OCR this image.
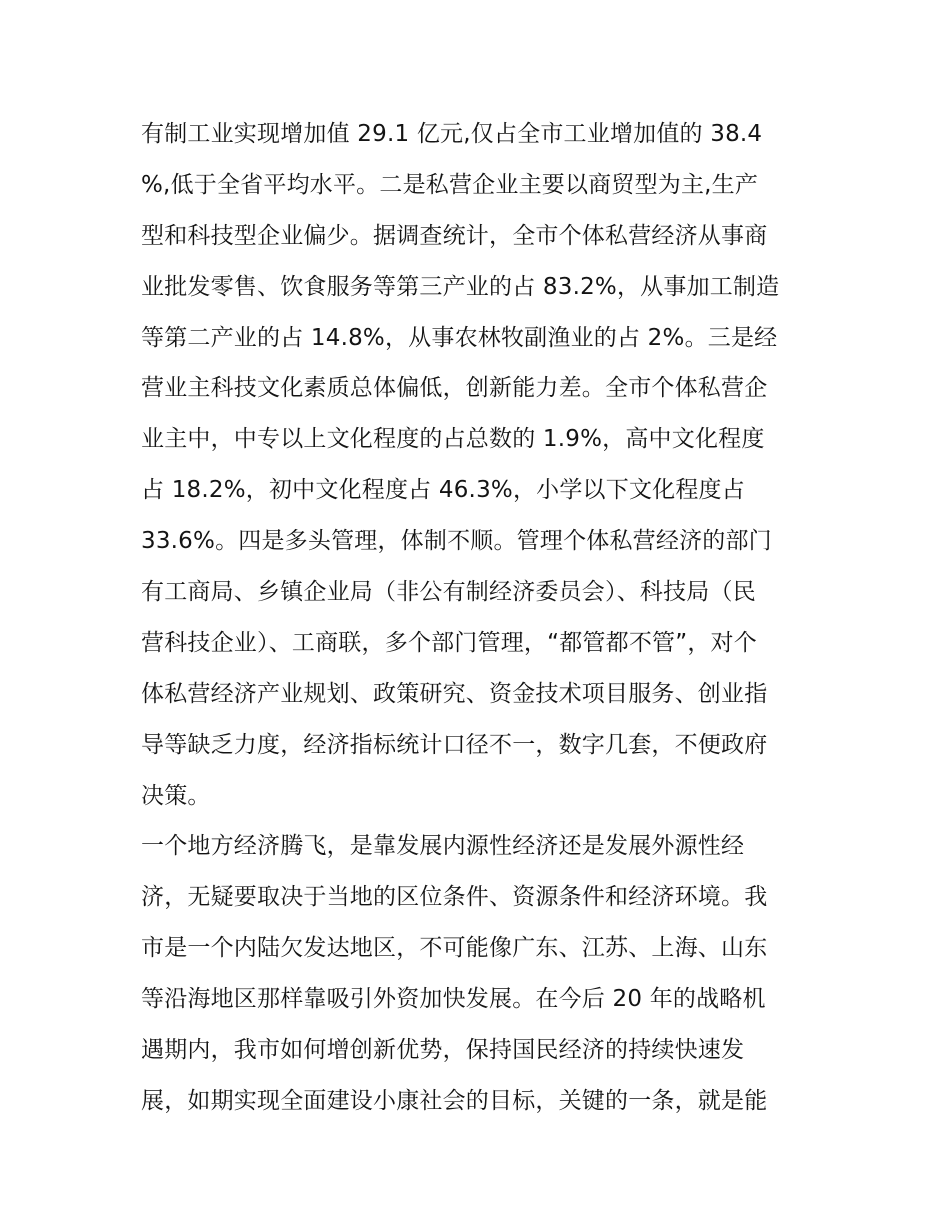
有制工业实现增加值 29.1 亿元,仅占全市工业增加值的 38.4
%,低于全省平均水平。二是私营企业主要以商贸型为主,生产
型和科技型企业偏少。据调查统计，全市个体私营经济从事商
业批发零售、饮食服务等第三产业的占 83.2%，从事加工制造
等第二产业的占 14.8%，从事农林牧副渔业的占 2%。三是经
营业主科技文化素质总体偏低，创新能力差。全市个体私营企
业主中，中专以上文化程度的占总数的 1.9%，高中文化程度
占 18.2%，初中文化程度占 46.3%，小学以下文化程度占
33.6%。四是多头管理，体制不顺。管理个体私营经济的部门
有工商局、乡镇企业局（非公有制经济委员会）、科技局（民
营科技企业）、工商联，多个部门管理，“都管都不管”，对个
体私营经济产业规划、政策研究、资金技术项目服务、创业指
导等缺乏力度，经济指标统计口径不一，数字几套，不便政府
决策。
一个地方经济腾飞，是靠发展内源性经济还是发展外源性经
济，无疑要取决于当地的区位条件、资源条件和经济环境。我
市是一个内陆欠发达地区，不可能像广东、江苏、上海、山东
等沿海地区那样靠吸引外资加快发展。在今后 20 年的战略机
遇期内，我市如何增创新优势，保持国民经济的持续快速发
展，如期实现全面建设小康社会的目标，关键的一条，就是能
